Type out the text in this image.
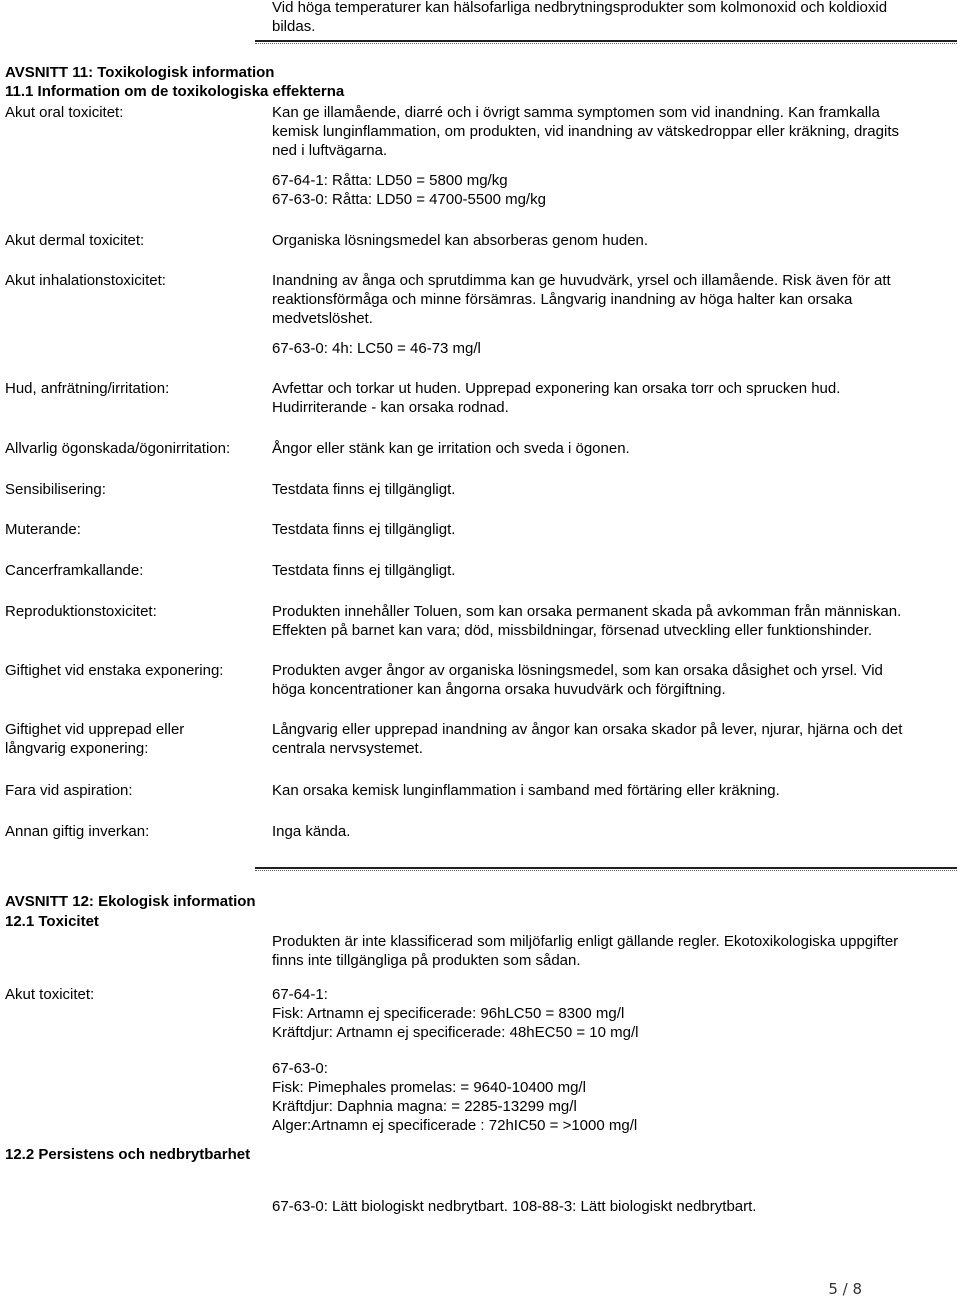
Vid höga temperaturer kan hälsofarliga nedbrytningsprodukter som kolmonoxid och koldioxid
bildas.
AVSNITT 11: Toxikologisk information
11.1 Information om de toxikologiska effekterna
Akut oral toxicitet:	Kan ge illamående, diarré och i övrigt samma symptomen som vid inandning. Kan framkalla
kemisk lunginflammation, om produkten, vid inandning av vätskedroppar eller kräkning, dragits
ned i luftvägarna.
67-64-1: Råtta: LD50 = 5800 mg/kg
67-63-0: Råtta: LD50 = 4700-5500 mg/kg
Akut dermal toxicitet:	Organiska lösningsmedel kan absorberas genom huden.
Akut inhalationstoxicitet:	Inandning av ånga och sprutdimma kan ge huvudvärk, yrsel och illamående. Risk även för att
reaktionsförmåga och minne försämras. Långvarig inandning av höga halter kan orsaka
medvetslöshet.
67-63-0: 4h: LC50 = 46-73 mg/l
Hud, anfrätning/irritation:	Avfettar och torkar ut huden. Upprepad exponering kan orsaka torr och sprucken hud.
Hudirriterande - kan orsaka rodnad.
Allvarlig ögonskada/ögonirritation:	Ångor eller stänk kan ge irritation och sveda i ögonen.
Sensibilisering:	Testdata finns ej tillgängligt.
Muterande:	Testdata finns ej tillgängligt.
Cancerframkallande:	Testdata finns ej tillgängligt.
Reproduktionstoxicitet:	Produkten innehåller Toluen, som kan orsaka permanent skada på avkomman från människan.
Effekten på barnet kan vara; död, missbildningar, försenad utveckling eller funktionshinder.
Giftighet vid enstaka exponering:	Produkten avger ångor av organiska lösningsmedel, som kan orsaka dåsighet och yrsel. Vid
höga koncentrationer kan ångorna orsaka huvudvärk och förgiftning.
Giftighet vid upprepad eller
långvarig exponering:
Långvarig eller upprepad inandning av ångor kan orsaka skador på lever, njurar, hjärna och det
centrala nervsystemet.
Fara vid aspiration:	Kan orsaka kemisk lunginflammation i samband med förtäring eller kräkning.
Annan giftig inverkan:	Inga kända.
AVSNITT 12: Ekologisk information
12.1 Toxicitet
Produkten är inte klassificerad som miljöfarlig enligt gällande regler. Ekotoxikologiska uppgifter
finns inte tillgängliga på produkten som sådan.
Akut toxicitet:	67-64-1:
Fisk: Artnamn ej specificerade: 96hLC50 = 8300 mg/l
Kräftdjur: Artnamn ej specificerade: 48hEC50 = 10 mg/l
67-63-0:
Fisk: Pimephales promelas: = 9640-10400 mg/l
Kräftdjur: Daphnia magna: = 2285-13299 mg/l
Alger:Artnamn ej specificerade : 72hIC50 = >1000 mg/l
12.2 Persistens och nedbrytbarhet
67-63-0: Lätt biologiskt nedbrytbart. 108-88-3: Lätt biologiskt nedbrytbart.
5 / 8
